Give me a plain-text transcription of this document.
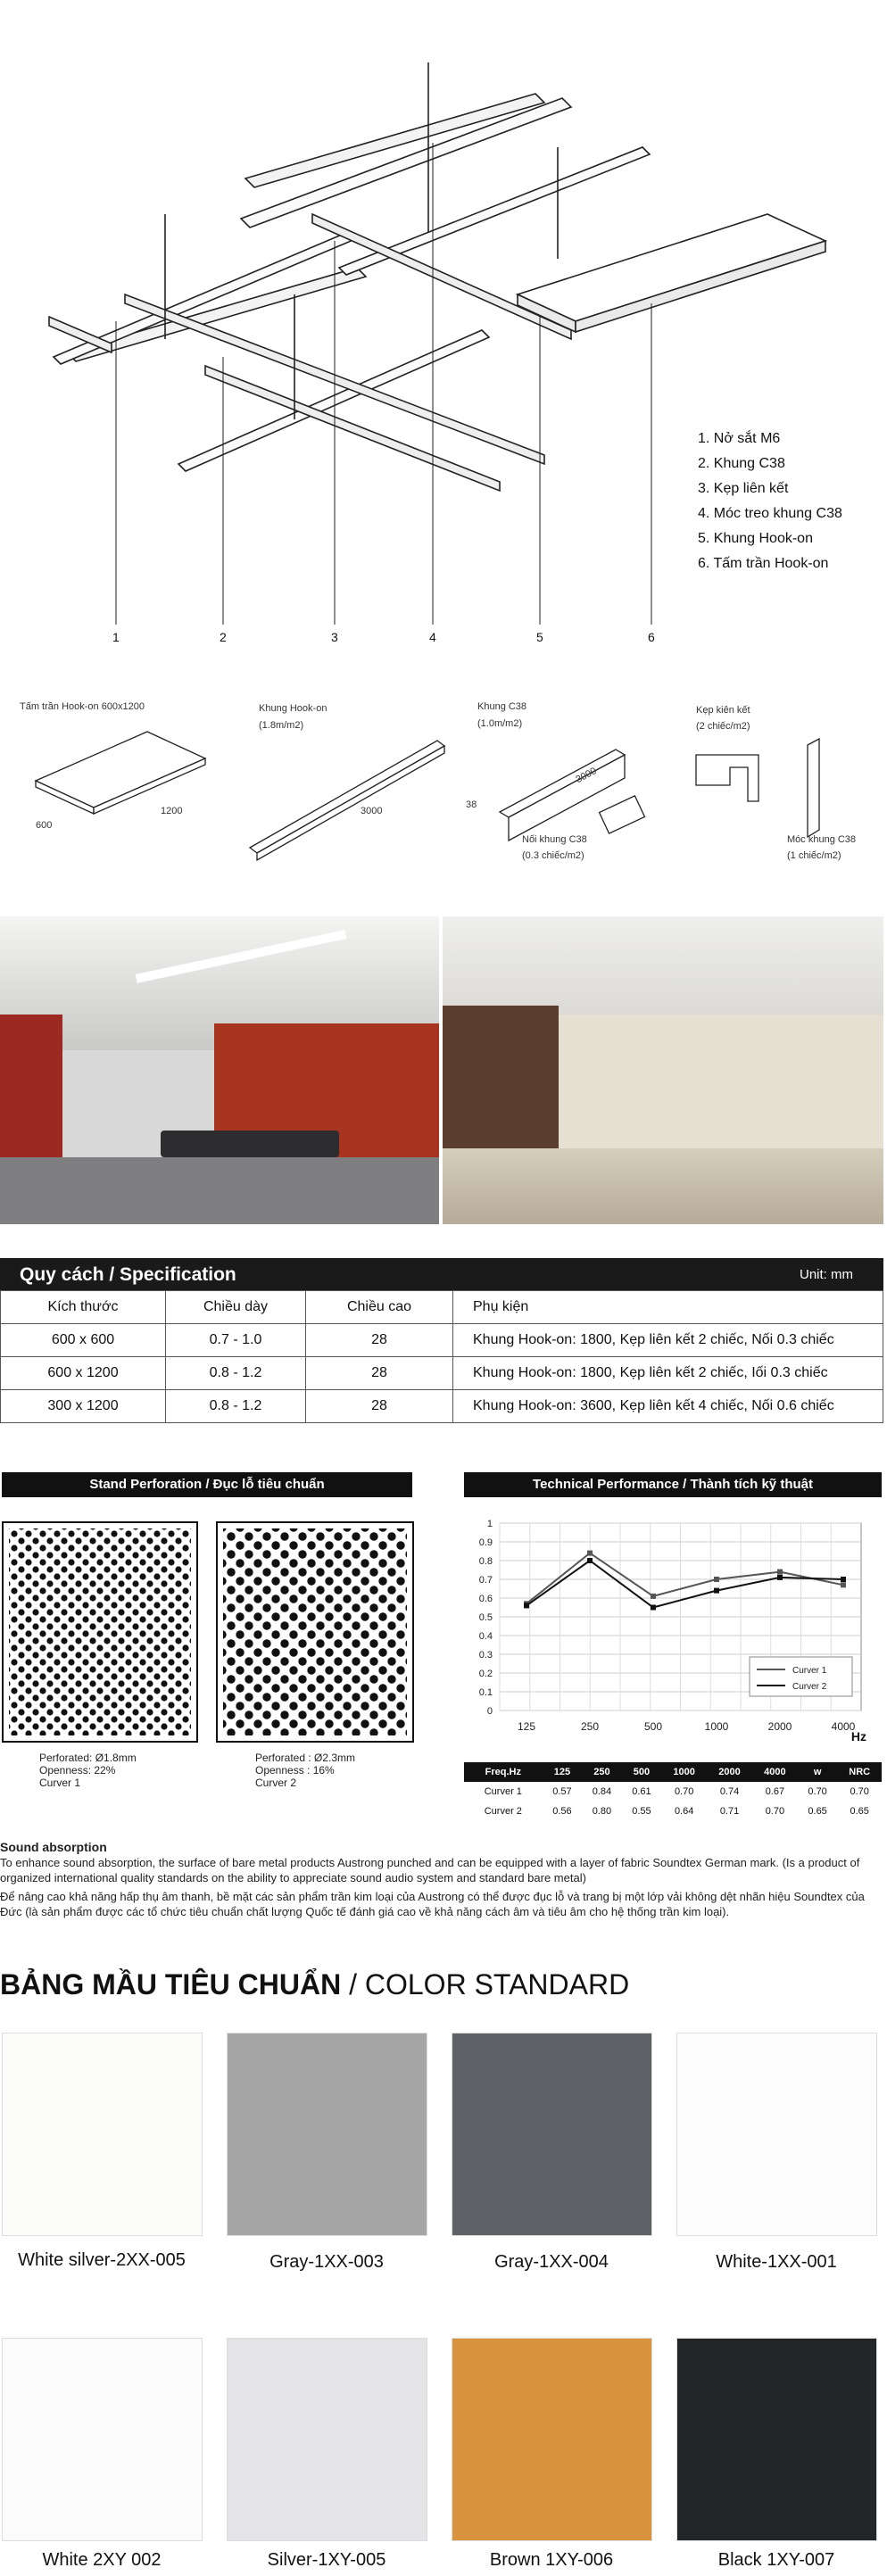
1	2	3	4	5	6
1. Nở sắt M6
2. Khung C38
3. Kẹp liên kết
4. Móc treo khung C38
5. Khung Hook-on
6. Tấm trần Hook-on
Tấm trần Hook-on 600x1200
600
1200
Khung Hook-on
(1.8m/m2)
3000
Khung C38
(1.0m/m2)
38
3000
Nối khung C38
(0.3 chiếc/m2)
Kẹp kiên kết
(2 chiếc/m2)
Móc khung C38
(1 chiếc/m2)
Quy cách / Specification	Unit: mm
Kích thước	Chiều dày	Chiều cao	Phụ kiện
600 x 600	0.7 - 1.0	28	Khung Hook-on: 1800, Kẹp liên kết 2 chiếc, Nối 0.3 chiếc
600 x 1200	0.8 - 1.2	28	Khung Hook-on: 1800, Kẹp liên kết 2 chiếc, Iối 0.3 chiếc
300 x 1200	0.8 - 1.2	28	Khung Hook-on: 3600, Kẹp liên kết 4 chiếc, Nối 0.6 chiếc
Stand Perforation / Đục lỗ tiêu chuẩn
Perforated: Ø1.8mm
Openness: 22%
Curver 1
Perforated : Ø2.3mm
Openness : 16%
Curver 2
Technical Performance / Thành tích kỹ thuật
0
0.1
0.2
0.3
0.4
0.5
0.6
0.7
0.8
0.9
1
125	250	500	1000	2000	4000
Hz
Curver 1
Curver 2
Freq.Hz	125	250	500	1000	2000	4000	w	NRC
Curver 1	0.57	0.84	0.61	0.70	0.74	0.67	0.70	0.70
Curver 2	0.56	0.80	0.55	0.64	0.71	0.70	0.65	0.65
Sound absorption

To enhance sound absorption, the surface of bare metal products Austrong punched and can be equipped with a layer of fabric Soundtex German mark. (Is a product of organized international quality standards on the ability to appreciate sound audio system and standard bare metal)

Để nâng cao khả năng hấp thụ âm thanh, bề mặt các sản phẩm trần kim loại của Austrong có thể được đục lỗ và trang bị một lớp vải không dệt nhãn hiệu Soundtex của Đức (là sản phẩm được các tổ chức tiêu chuẩn chất lượng Quốc tế đánh giá cao về khả năng cách âm và tiêu âm cho hệ thống trần kim loại).

BẢNG MẦU TIÊU CHUẨN / COLOR STANDARD
White silver-2XX-005	Gray-1XX-003	Gray-1XX-004	White-1XX-001
White 2XY 002	Silver-1XY-005	Brown 1XY-006	Black 1XY-007
